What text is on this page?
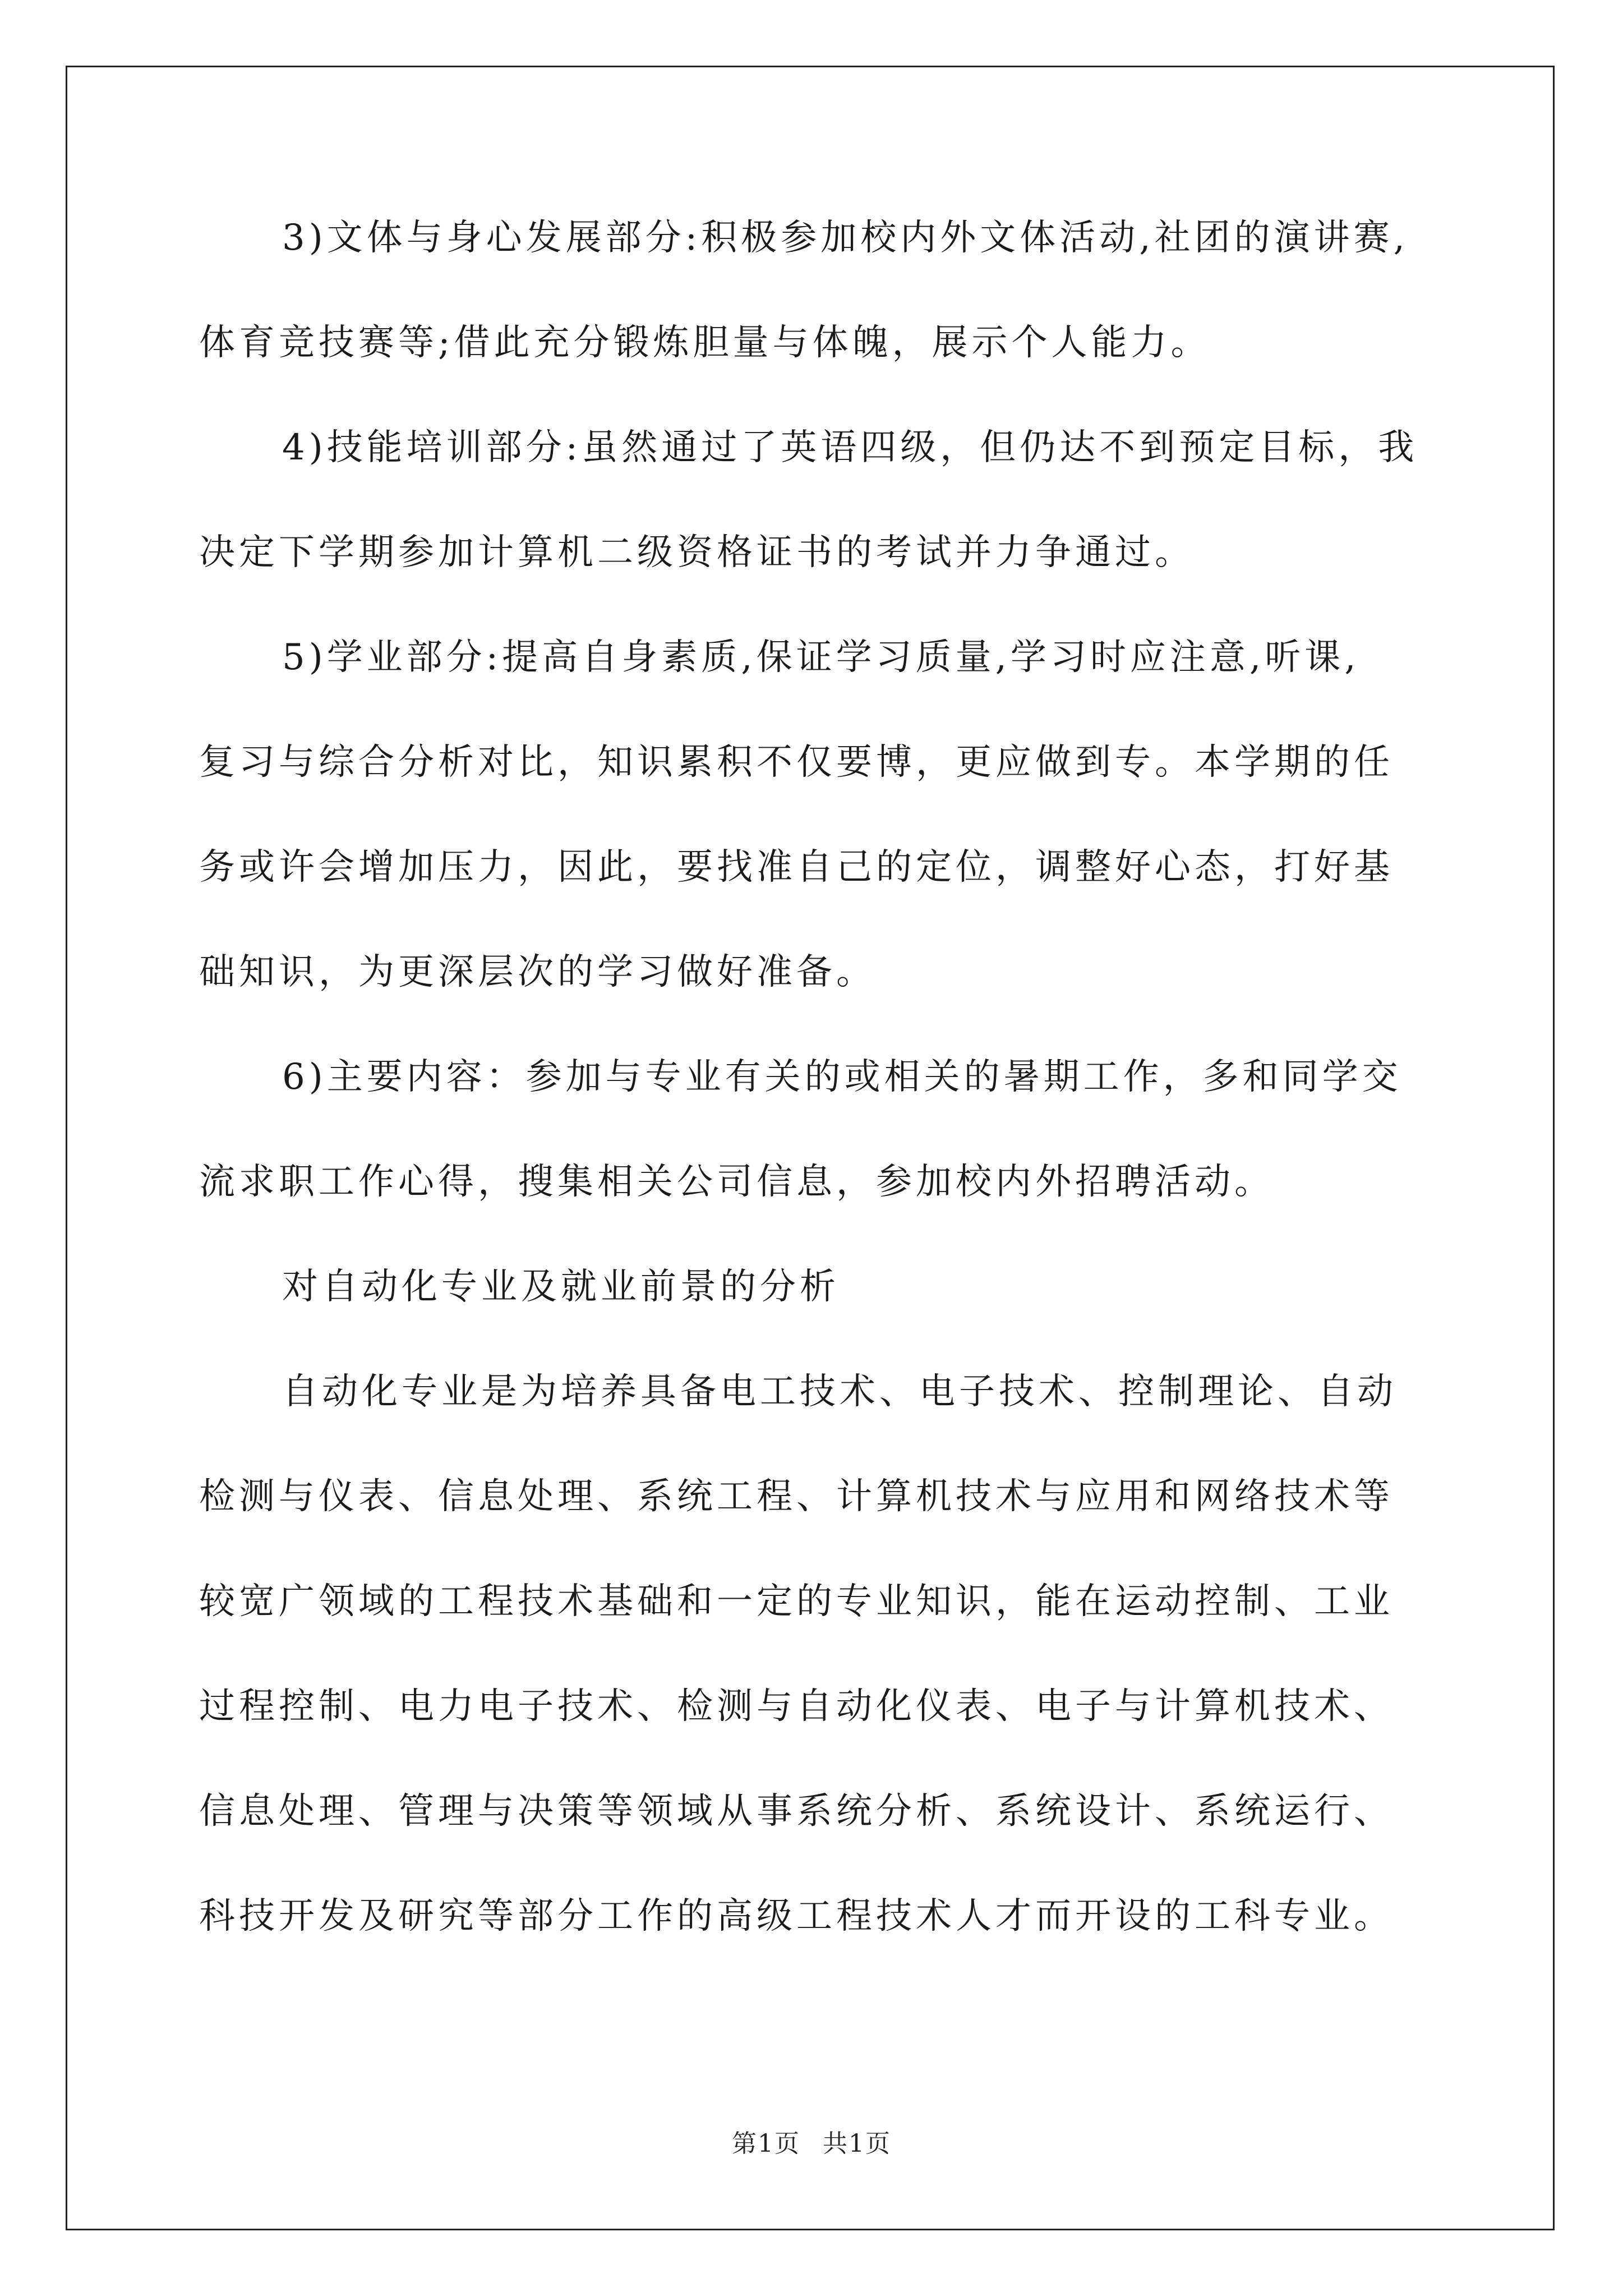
3)文体与身心发展部分:积极参加校内外文体活动,社团的演讲赛,
体育竞技赛等;借此充分锻炼胆量与体魄，展示个人能力。
4)技能培训部分:虽然通过了英语四级，但仍达不到预定目标，我
决定下学期参加计算机二级资格证书的考试并力争通过。
5)学业部分:提高自身素质,保证学习质量,学习时应注意,听课,
复习与综合分析对比，知识累积不仅要博，更应做到专。本学期的任
务或许会增加压力，因此，要找准自己的定位，调整好心态，打好基
础知识，为更深层次的学习做好准备。
6)主要内容：参加与专业有关的或相关的暑期工作，多和同学交
流求职工作心得，搜集相关公司信息，参加校内外招聘活动。
对自动化专业及就业前景的分析
自动化专业是为培养具备电工技术、电子技术、控制理论、自动
检测与仪表、信息处理、系统工程、计算机技术与应用和网络技术等
较宽广领域的工程技术基础和一定的专业知识，能在运动控制、工业
过程控制、电力电子技术、检测与自动化仪表、电子与计算机技术、
信息处理、管理与决策等领域从事系统分析、系统设计、系统运行、
科技开发及研究等部分工作的高级工程技术人才而开设的工科专业。
第1页 共1页
